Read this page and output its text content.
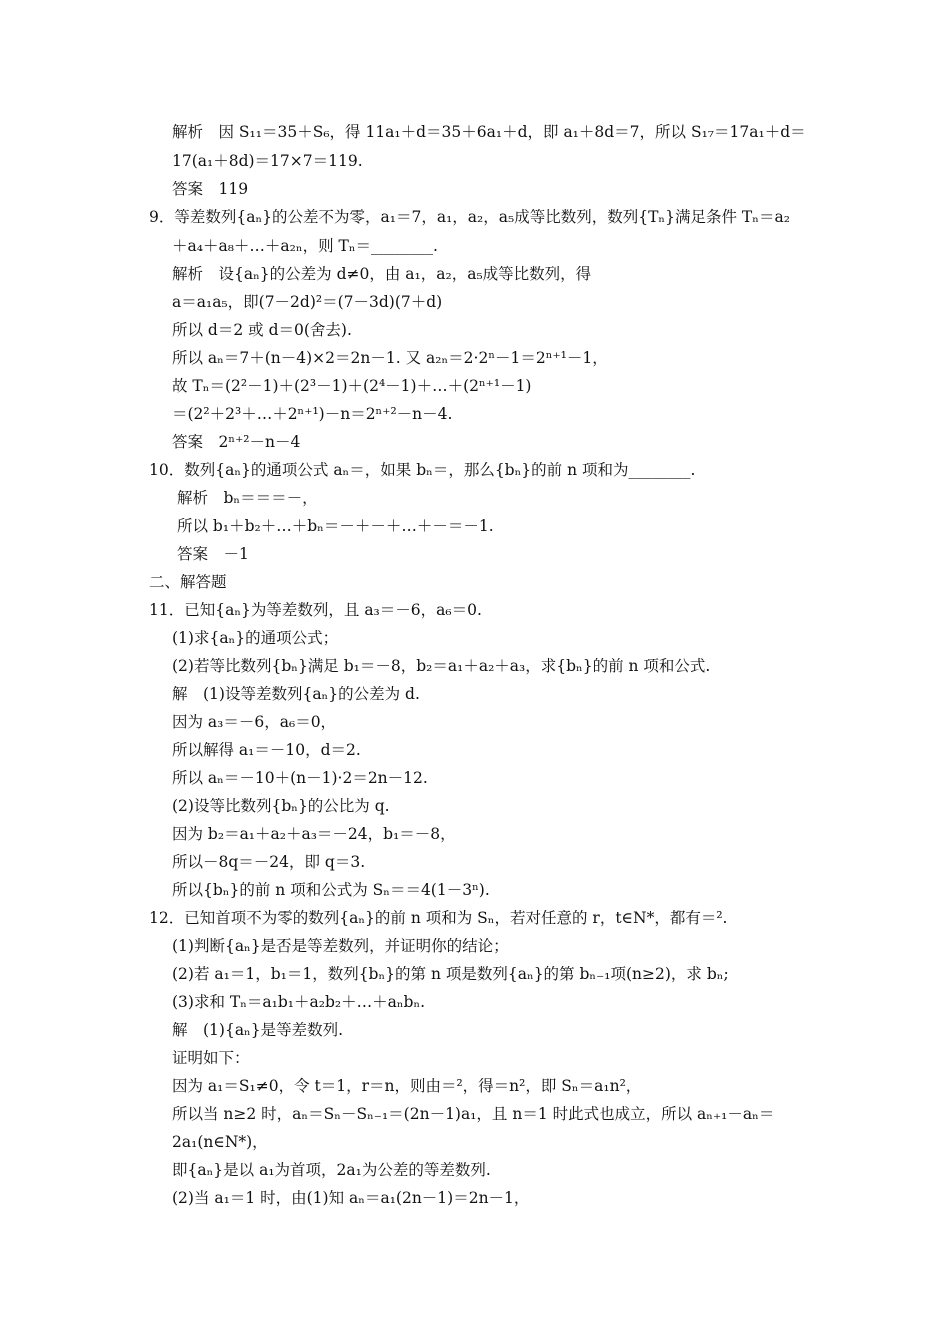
解析　因 S₁₁＝35＋S₆，得 11a₁＋d＝35＋6a₁＋d，即 a₁＋8d＝7，所以 S₁₇＝17a₁＋d＝
17(a₁＋8d)＝17×7＝119.
答案　119
9．等差数列{aₙ}的公差不为零，a₁＝7，a₁，a₂，a₅成等比数列，数列{Tₙ}满足条件 Tₙ＝a₂
＋a₄＋a₈＋…＋a₂ₙ，则 Tₙ＝________.
解析　设{aₙ}的公差为 d≠0，由 a₁，a₂，a₅成等比数列，得
a＝a₁a₅，即(7－2d)²＝(7－3d)(7＋d)
所以 d＝2 或 d＝0(舍去).
所以 aₙ＝7＋(n－4)×2＝2n－1. 又 a₂ₙ＝2·2ⁿ－1＝2ⁿ⁺¹－1，
故 Tₙ＝(2²－1)＋(2³－1)＋(2⁴－1)＋…＋(2ⁿ⁺¹－1)
＝(2²＋2³＋…＋2ⁿ⁺¹)－n＝2ⁿ⁺²－n－4.
答案　2ⁿ⁺²－n－4
10．数列{aₙ}的通项公式 aₙ＝，如果 bₙ＝，那么{bₙ}的前 n 项和为________.
解析　bₙ＝＝＝－，
所以 b₁＋b₂＋…＋bₙ＝－＋－＋…＋－＝－1.
答案　－1
二、解答题
11．已知{aₙ}为等差数列，且 a₃＝－6，a₆＝0.
(1)求{aₙ}的通项公式；
(2)若等比数列{bₙ}满足 b₁＝－8，b₂＝a₁＋a₂＋a₃，求{bₙ}的前 n 项和公式.
解　(1)设等差数列{aₙ}的公差为 d.
因为 a₃＝－6，a₆＝0，
所以解得 a₁＝－10，d＝2.
所以 aₙ＝－10＋(n－1)·2＝2n－12.
(2)设等比数列{bₙ}的公比为 q.
因为 b₂＝a₁＋a₂＋a₃＝－24，b₁＝－8，
所以－8q＝－24，即 q＝3.
所以{bₙ}的前 n 项和公式为 Sₙ＝＝4(1－3ⁿ).
12．已知首项不为零的数列{aₙ}的前 n 项和为 Sₙ，若对任意的 r，t∈N*，都有＝².
(1)判断{aₙ}是否是等差数列，并证明你的结论；
(2)若 a₁＝1，b₁＝1，数列{bₙ}的第 n 项是数列{aₙ}的第 bₙ₋₁项(n≥2)，求 bₙ;
(3)求和 Tₙ＝a₁b₁＋a₂b₂＋…＋aₙbₙ.
解　(1){aₙ}是等差数列.
证明如下：
因为 a₁＝S₁≠0，令 t＝1，r＝n，则由＝²，得＝n²，即 Sₙ＝a₁n²，
所以当 n≥2 时，aₙ＝Sₙ－Sₙ₋₁＝(2n－1)a₁，且 n＝1 时此式也成立，所以 aₙ₊₁－aₙ＝
2a₁(n∈N*)，
即{aₙ}是以 a₁为首项，2a₁为公差的等差数列.
(2)当 a₁＝1 时，由(1)知 aₙ＝a₁(2n－1)＝2n－1，
